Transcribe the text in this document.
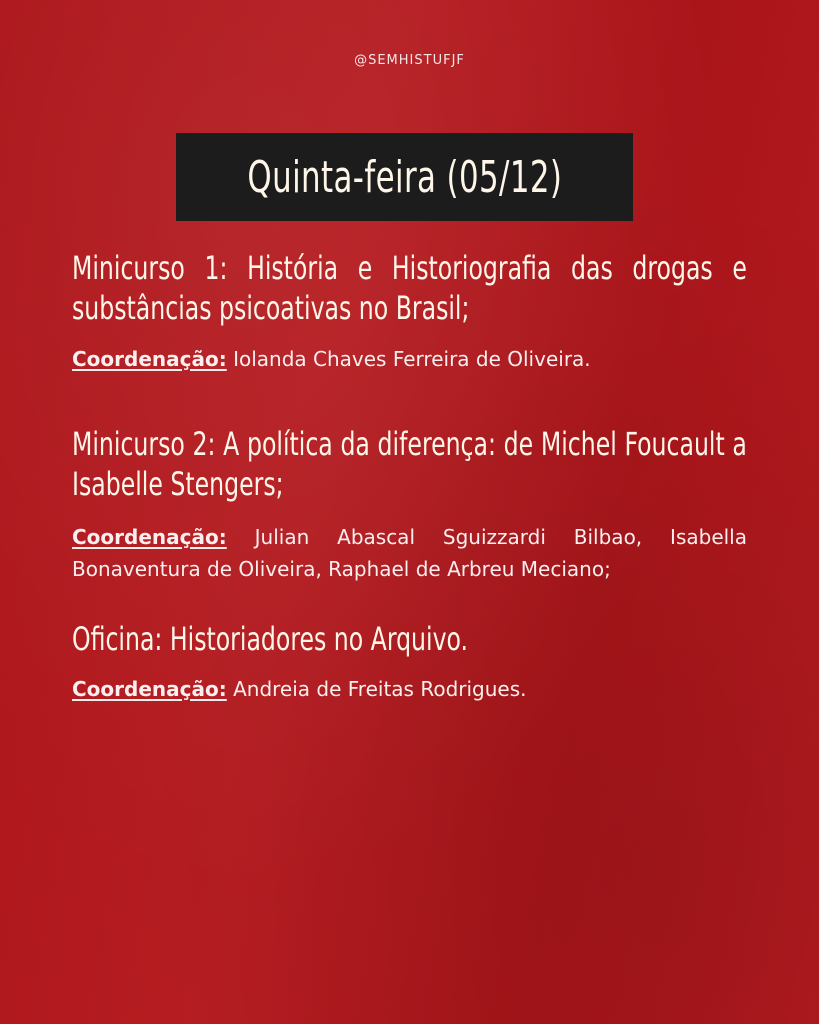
@SEMHISTUFJF
Quinta-feira (05/12)

Minicurso 1: História e Historiografia das drogas e substâncias psicoativas no Brasil;

Coordenação: Iolanda Chaves Ferreira de Oliveira.

Minicurso 2: A política da diferença: de Michel Foucault a Isabelle Stengers;

Coordenação: Julian Abascal Sguizzardi Bilbao, Isabella Bonaventura de Oliveira, Raphael de Arbreu Meciano;

Oficina: Historiadores no Arquivo.

Coordenação: Andreia de Freitas Rodrigues.
